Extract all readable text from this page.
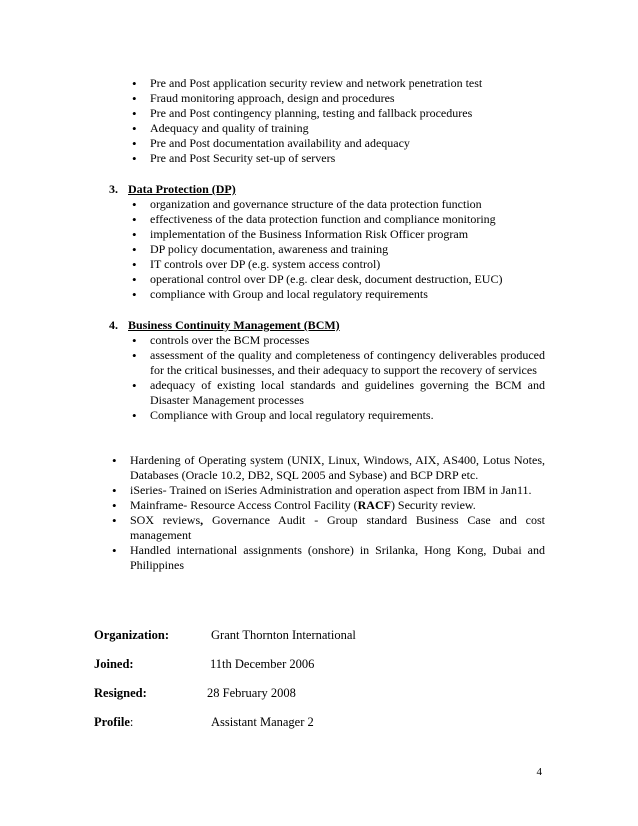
• Pre and Post application security review and network penetration test
• Fraud monitoring approach, design and procedures
• Pre and Post contingency planning, testing and fallback procedures
• Adequacy and quality of training
• Pre and Post documentation availability and adequacy
• Pre and Post Security set-up of servers
3. Data Protection (DP)
• organization and governance structure of the data protection function
• effectiveness of the data protection function and compliance monitoring
• implementation of the Business Information Risk Officer program
• DP policy documentation, awareness and training
• IT controls over DP (e.g. system access control)
• operational control over DP (e.g. clear desk, document destruction, EUC)
• compliance with Group and local regulatory requirements
4. Business Continuity Management (BCM)
• controls over the BCM processes
• assessment of the quality and completeness of contingency deliverables produced for the critical businesses, and their adequacy to support the recovery of services
• adequacy of existing local standards and guidelines governing the BCM and Disaster Management processes
• Compliance with Group and local regulatory requirements.
• Hardening of Operating system (UNIX, Linux, Windows, AIX, AS400, Lotus Notes, Databases (Oracle 10.2, DB2, SQL 2005 and Sybase) and BCP DRP etc.
• iSeries- Trained on iSeries Administration and operation aspect from IBM in Jan11.
• Mainframe- Resource Access Control Facility (RACF) Security review.
• SOX reviews, Governance Audit - Group standard Business Case and cost management
• Handled international assignments (onshore) in Srilanka, Hong Kong, Dubai and Philippines
Organization:	Grant Thornton International
Joined:	11th December 2006
Resigned:	28 February 2008
Profile:	Assistant Manager 2
4
